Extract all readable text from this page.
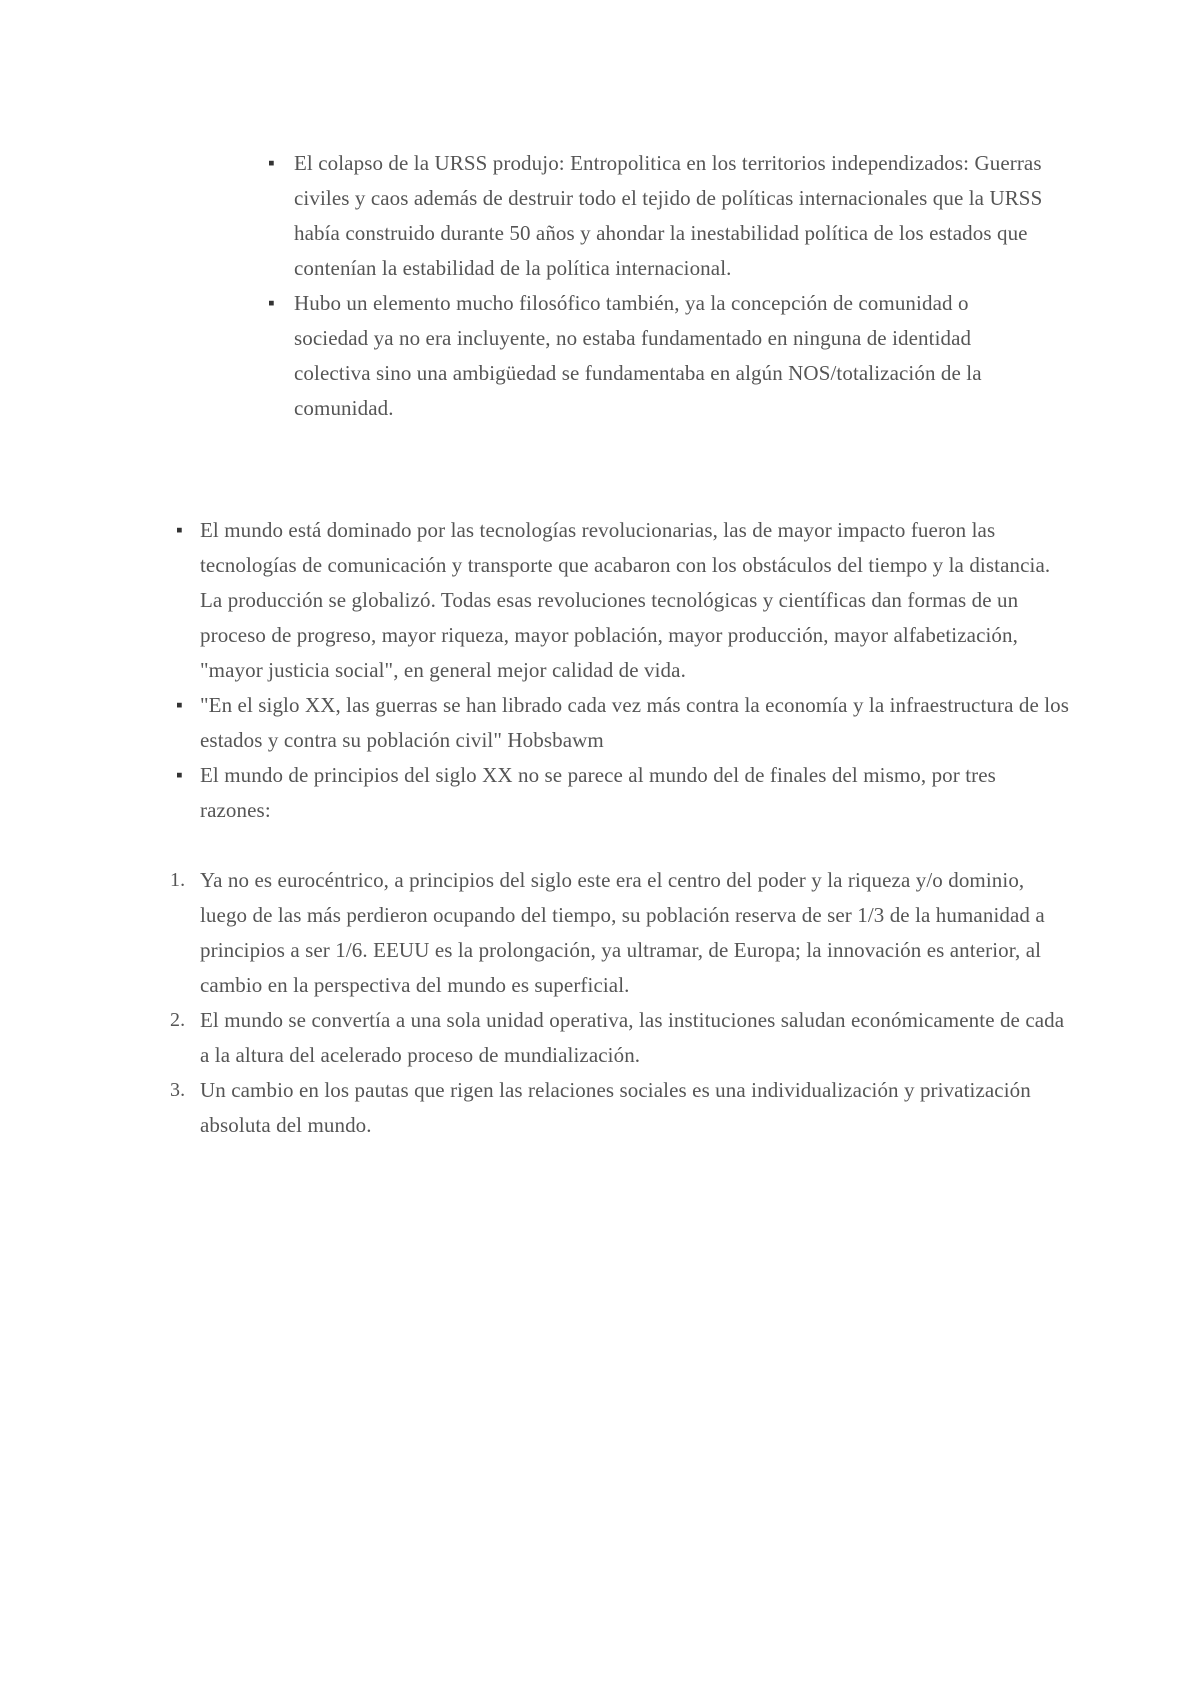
▪ El colapso de la URSS produjo: Entropolitica en los territorios independizados: Guerras civiles y caos además de destruir todo el tejido de políticas internacionales que la URSS había construido durante 50 años y ahondar la inestabilidad política de los estados que contenían la estabilidad de la política internacional.
▪ Hubo un elemento mucho filosófico también, ya la concepción de comunidad o sociedad ya no era incluyente, no estaba fundamentado en ninguna de identidad colectiva sino una ambigüedad se fundamentaba en algún NOS/totalización de la comunidad.
▪ El mundo está dominado por las tecnologías revolucionarias, las de mayor impacto fueron las tecnologías de comunicación y transporte que acabaron con los obstáculos del tiempo y la distancia. La producción se globalizó. Todas esas revoluciones tecnológicas y científicas dan formas de un proceso de progreso, mayor riqueza, mayor población, mayor producción, mayor alfabetización, "mayor justicia social", en general mejor calidad de vida.
▪ "En el siglo XX, las guerras se han librado cada vez más contra la economía y la infraestructura de los estados y contra su población civil" Hobsbawm
▪ El mundo de principios del siglo XX no se parece al mundo del de finales del mismo, por tres razones:
1. Ya no es eurocéntrico, a principios del siglo este era el centro del poder y la riqueza y/o dominio, luego de las más perdieron ocupando del tiempo, su población reserva de ser 1/3 de la humanidad a principios a ser 1/6. EEUU es la prolongación, ya ultramar, de Europa; la innovación es anterior, al cambio en la perspectiva del mundo es superficial.
2. El mundo se convertía a una sola unidad operativa, las instituciones saludan económicamente de cada a la altura del acelerado proceso de mundialización.
3. Un cambio en los pautas que rigen las relaciones sociales es una individualización y privatización absoluta del mundo.
